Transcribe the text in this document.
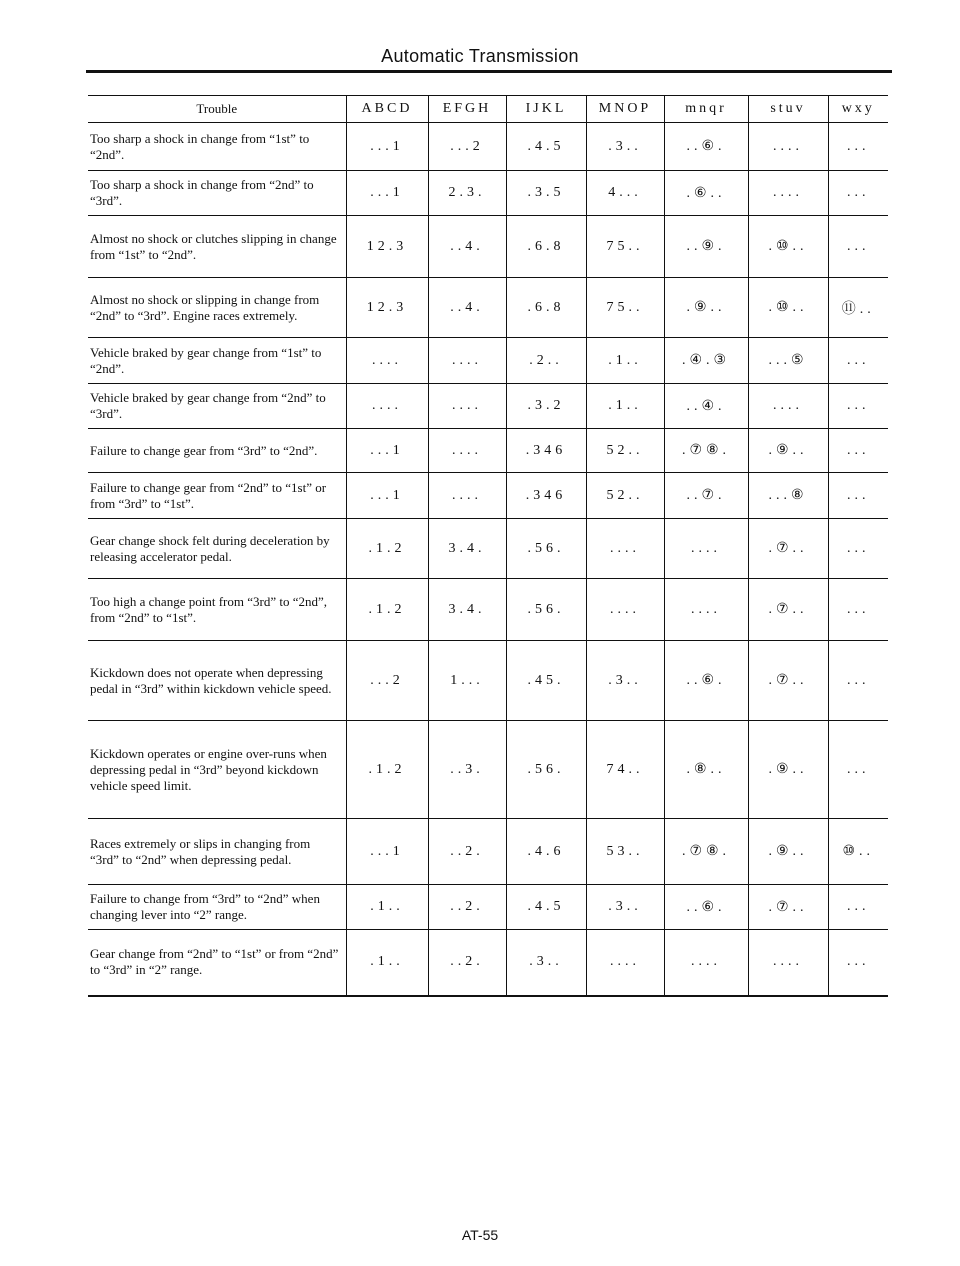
Automatic Transmission
Trouble	ABCD	EFGH	IJKL	MNOP	mnqr	stuv	wxy
Too sharp a shock in change from “1st” to “2nd”.	...1	...2	.4.5	.3..	..⑥.	....	...
Too sharp a shock in change from “2nd” to “3rd”.	...1	2.3.	.3.5	4...	.⑥..	....	...
Almost no shock or clutches slipping in change from “1st” to “2nd”.	12.3	..4.	.6.8	75..	..⑨.	.⑩..	...
Almost no shock or slipping in change from “2nd” to “3rd”. Engine races extremely.	12.3	..4.	.6.8	75..	.⑨..	.⑩..	⑪..
Vehicle braked by gear change from “1st” to “2nd”.	....	....	.2..	.1..	.④.③	...⑤	...
Vehicle braked by gear change from “2nd” to “3rd”.	....	....	.3.2	.1..	..④.	....	...
Failure to change gear from “3rd” to “2nd”.	...1	....	.346	52..	.⑦⑧.	.⑨..	...
Failure to change gear from “2nd” to “1st” or from “3rd” to “1st”.	...1	....	.346	52..	..⑦.	...⑧	...
Gear change shock felt during deceleration by releasing accelerator pedal.	.1.2	3.4.	.56.	....	....	.⑦..	...
Too high a change point from “3rd” to “2nd”, from “2nd” to “1st”.	.1.2	3.4.	.56.	....	....	.⑦..	...
Kickdown does not operate when depressing pedal in “3rd” within kickdown vehicle speed.	...2	1...	.45.	.3..	..⑥.	.⑦..	...
Kickdown operates or engine over-runs when depressing pedal in “3rd” beyond kickdown vehicle speed limit.	.1.2	..3.	.56.	74..	.⑧..	.⑨..	...
Races extremely or slips in changing from “3rd” to “2nd” when depressing pedal.	...1	..2.	.4.6	53..	.⑦⑧.	.⑨..	⑩..
Failure to change from “3rd” to “2nd” when changing lever into “2” range.	.1..	..2.	.4.5	.3..	..⑥.	.⑦..	...
Gear change from “2nd” to “1st” or from “2nd” to “3rd” in “2” range.	.1..	..2.	.3..	....	....	....	...
AT-55
